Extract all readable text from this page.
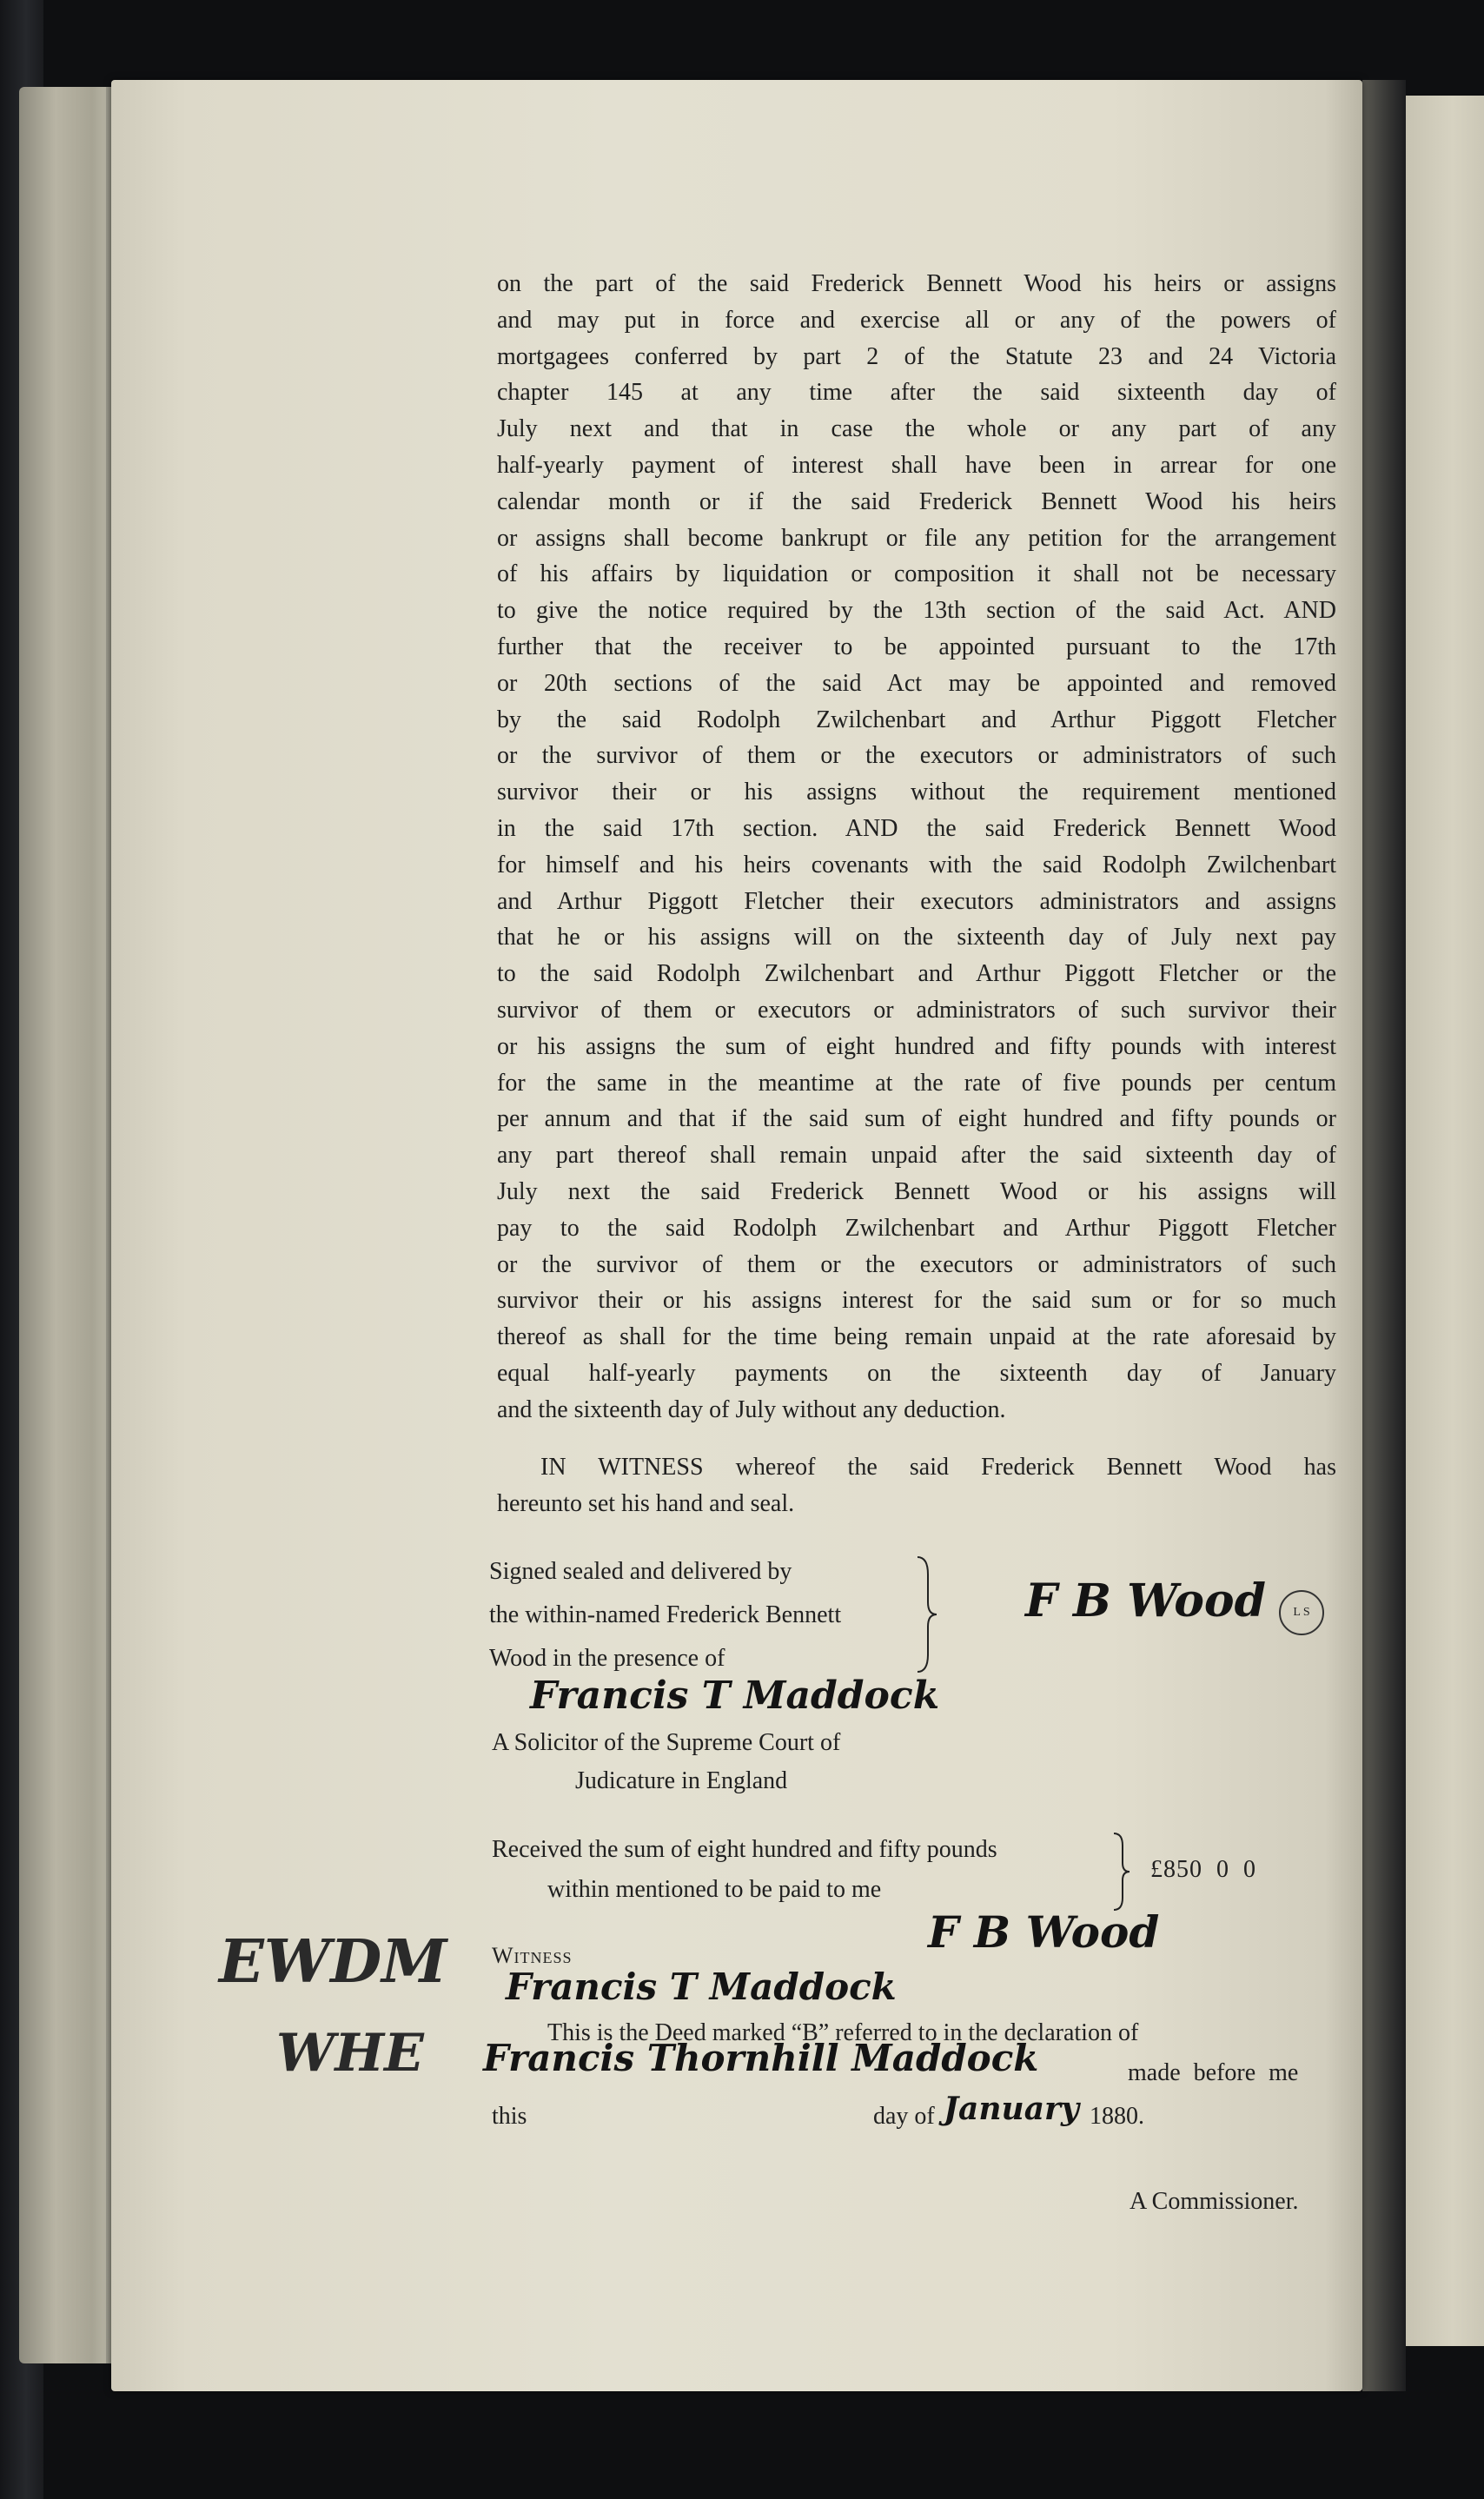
on the part of the said Frederick Bennett Wood his heirs or assigns
and may put in force and exercise all or any of the powers of
mortgagees conferred by part 2 of the Statute 23 and 24 Victoria
chapter 145 at any time after the said sixteenth day of
July next and that in case the whole or any part of any
half-yearly payment of interest shall have been in arrear for one
calendar month or if the said Frederick Bennett Wood his heirs
or assigns shall become bankrupt or file any petition for the arrangement
of his affairs by liquidation or composition it shall not be necessary
to give the notice required by the 13th section of the said Act. AND
further that the receiver to be appointed pursuant to the 17th
or 20th sections of the said Act may be appointed and removed
by the said Rodolph Zwilchenbart and Arthur Piggott Fletcher
or the survivor of them or the executors or administrators of such
survivor their or his assigns without the requirement mentioned
in the said 17th section. AND the said Frederick Bennett Wood
for himself and his heirs covenants with the said Rodolph Zwilchenbart
and Arthur Piggott Fletcher their executors administrators and assigns
that he or his assigns will on the sixteenth day of July next pay
to the said Rodolph Zwilchenbart and Arthur Piggott Fletcher or the
survivor of them or executors or administrators of such survivor their
or his assigns the sum of eight hundred and fifty pounds with interest
for the same in the meantime at the rate of five pounds per centum
per annum and that if the said sum of eight hundred and fifty pounds or
any part thereof shall remain unpaid after the said sixteenth day of
July next the said Frederick Bennett Wood or his assigns will
pay to the said Rodolph Zwilchenbart and Arthur Piggott Fletcher
or the survivor of them or the executors or administrators of such
survivor their or his assigns interest for the said sum or for so much
thereof as shall for the time being remain unpaid at the rate aforesaid by
equal half-yearly payments on the sixteenth day of January
and the sixteenth day of July without any deduction.
IN WITNESS whereof the said Frederick Bennett Wood has
hereunto set his hand and seal.
Signed sealed and delivered by
the within-named Frederick Bennett
Wood in the presence of
F B Wood	L S
Francis T Maddock
A Solicitor of the Supreme Court of
Judicature in England
Received the sum of eight hundred and fifty pounds
within mentioned to be paid to me
£850  0  0
F B Wood
Witness
Francis T Maddock
EWDM
WHE	This is the Deed marked “B” referred to in the declaration of
Francis Thornhill Maddock	made before me
this	day of January 1880.
A Commissioner.
